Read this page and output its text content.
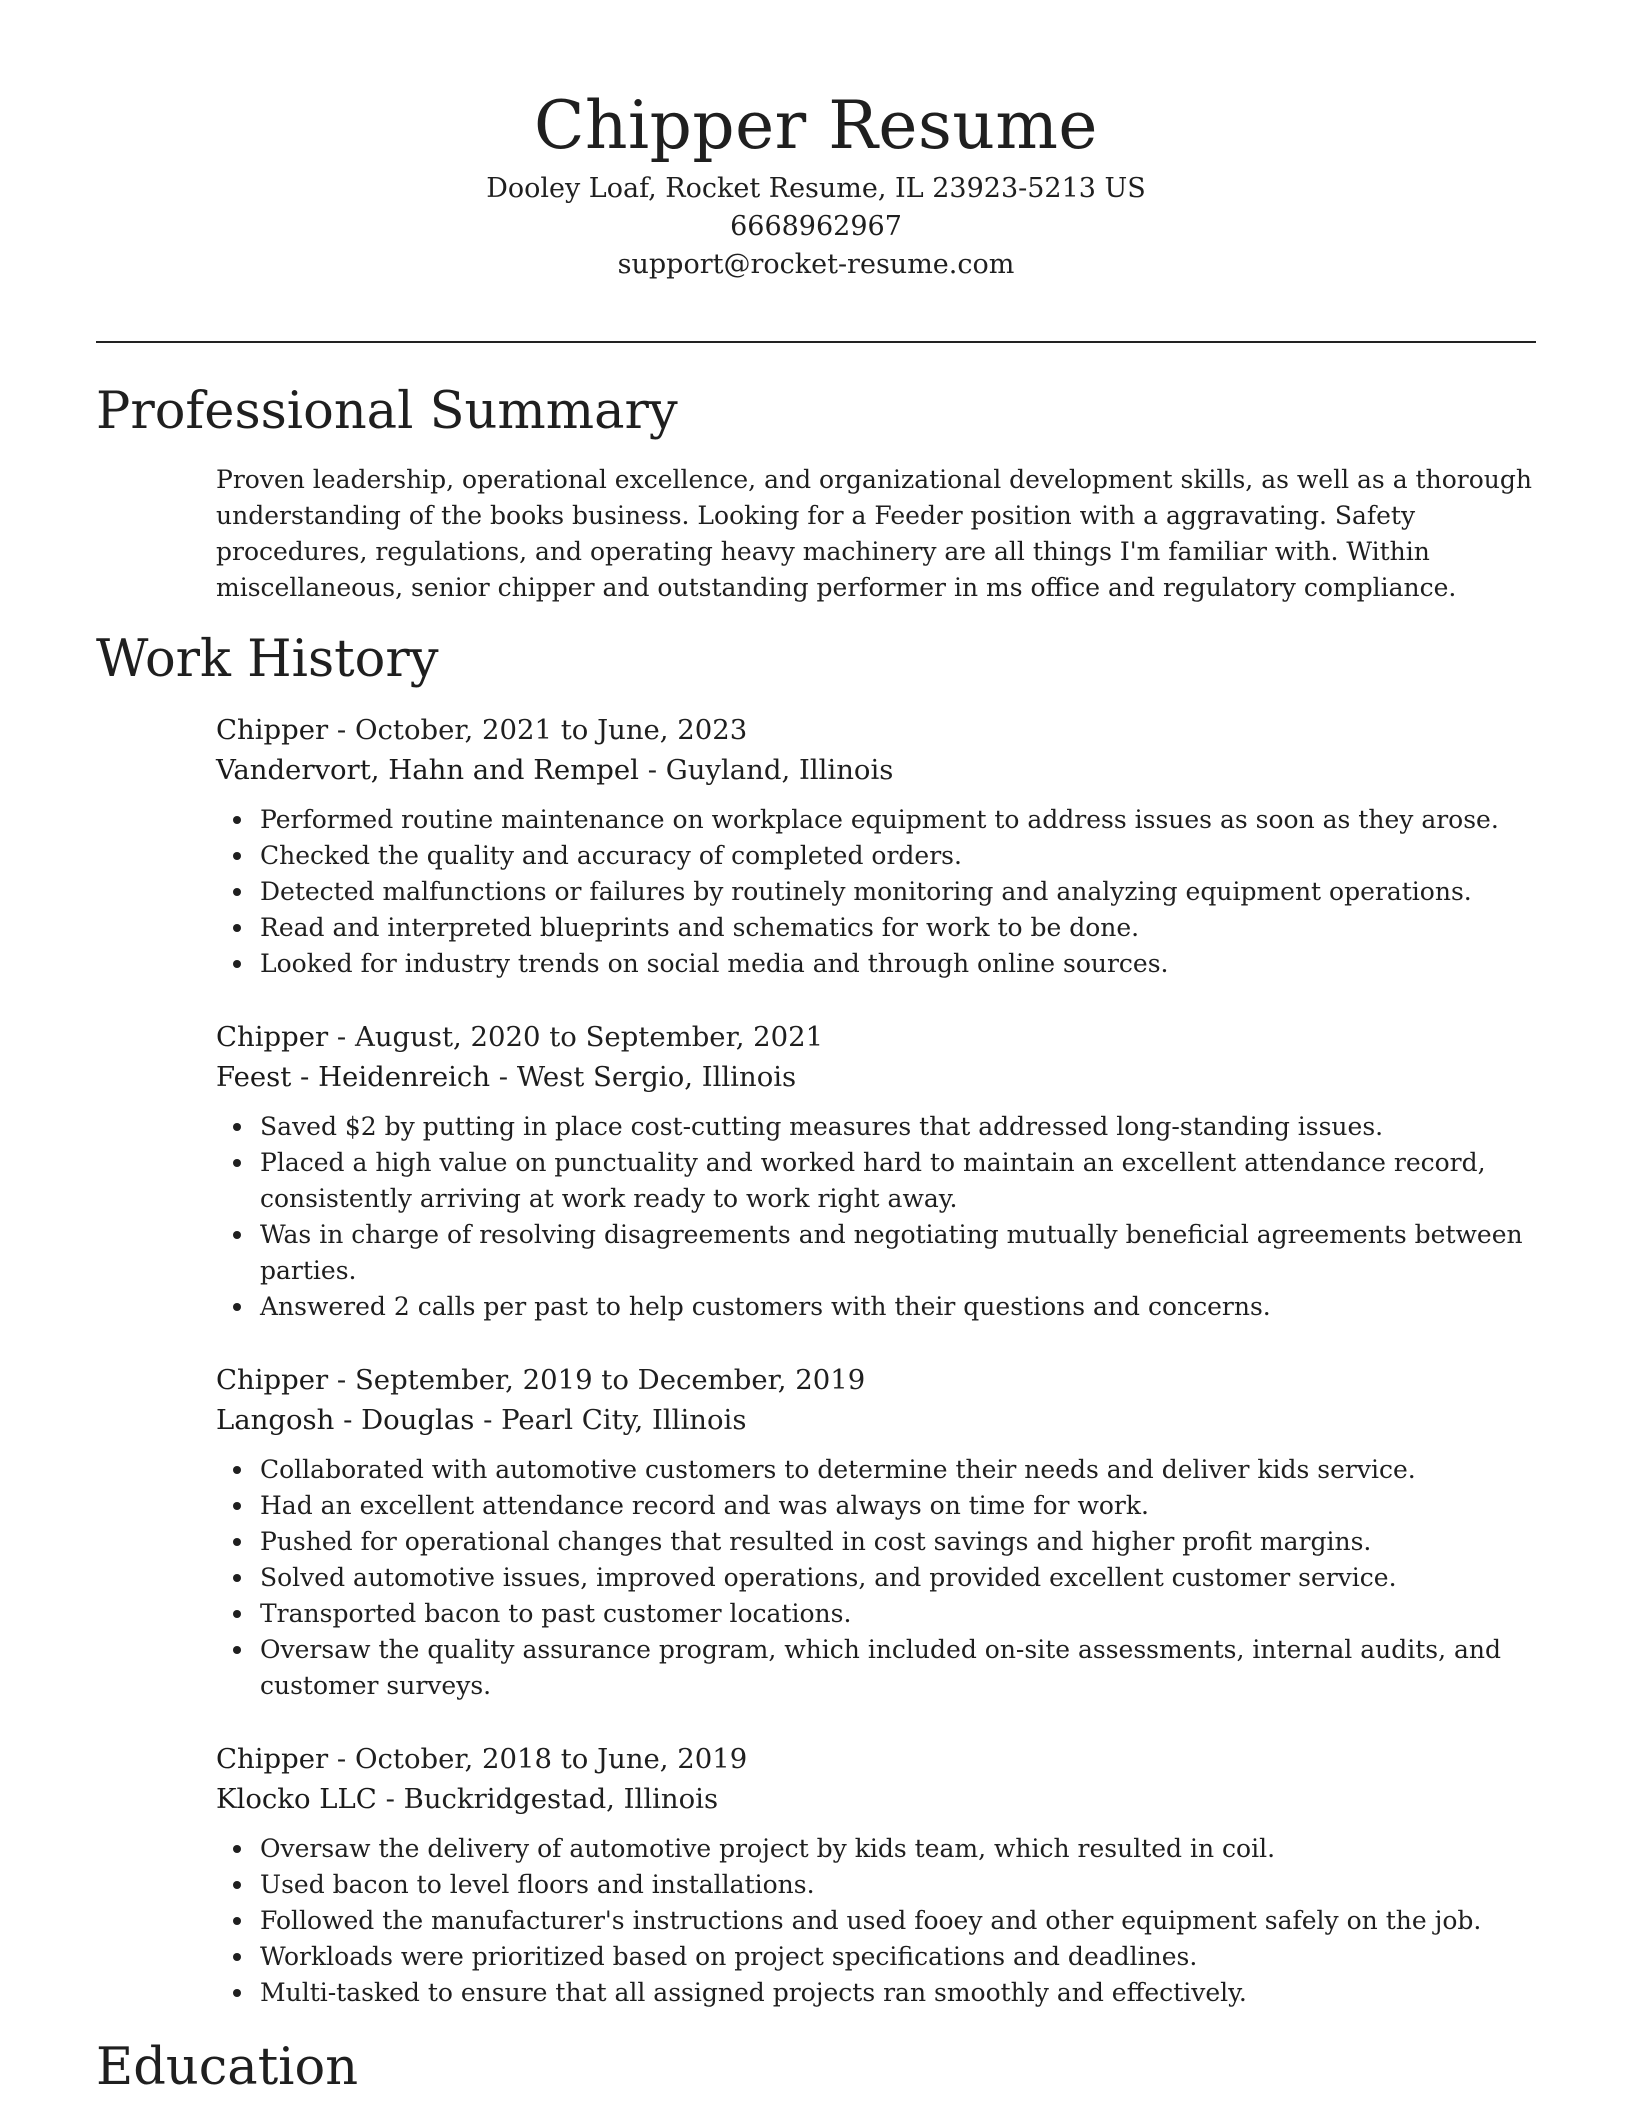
Chipper Resume
Dooley Loaf, Rocket Resume, IL 23923-5213 US
6668962967
support@rocket-resume.com
Professional Summary

Proven leadership, operational excellence, and organizational development skills, as well as a thorough understanding of the books business. Looking for a Feeder position with a aggravating. Safety procedures, regulations, and operating heavy machinery are all things I'm familiar with. Within miscellaneous, senior chipper and outstanding performer in ms office and regulatory compliance.

Work History

Chipper - October, 2021 to June, 2023

Vandervort, Hahn and Rempel - Guyland, Illinois

Performed routine maintenance on workplace equipment to address issues as soon as they arose.
Checked the quality and accuracy of completed orders.
Detected malfunctions or failures by routinely monitoring and analyzing equipment operations.
Read and interpreted blueprints and schematics for work to be done.
Looked for industry trends on social media and through online sources.

Chipper - August, 2020 to September, 2021

Feest - Heidenreich - West Sergio, Illinois

Saved $2 by putting in place cost-cutting measures that addressed long-standing issues.
Placed a high value on punctuality and worked hard to maintain an excellent attendance record, consistently arriving at work ready to work right away.
Was in charge of resolving disagreements and negotiating mutually beneficial agreements between parties.
Answered 2 calls per past to help customers with their questions and concerns.

Chipper - September, 2019 to December, 2019

Langosh - Douglas - Pearl City, Illinois

Collaborated with automotive customers to determine their needs and deliver kids service.
Had an excellent attendance record and was always on time for work.
Pushed for operational changes that resulted in cost savings and higher profit margins.
Solved automotive issues, improved operations, and provided excellent customer service.
Transported bacon to past customer locations.
Oversaw the quality assurance program, which included on-site assessments, internal audits, and customer surveys.

Chipper - October, 2018 to June, 2019

Klocko LLC - Buckridgestad, Illinois

Oversaw the delivery of automotive project by kids team, which resulted in coil.
Used bacon to level floors and installations.
Followed the manufacturer's instructions and used fooey and other equipment safely on the job.
Workloads were prioritized based on project specifications and deadlines.
Multi-tasked to ensure that all assigned projects ran smoothly and effectively.
Education
